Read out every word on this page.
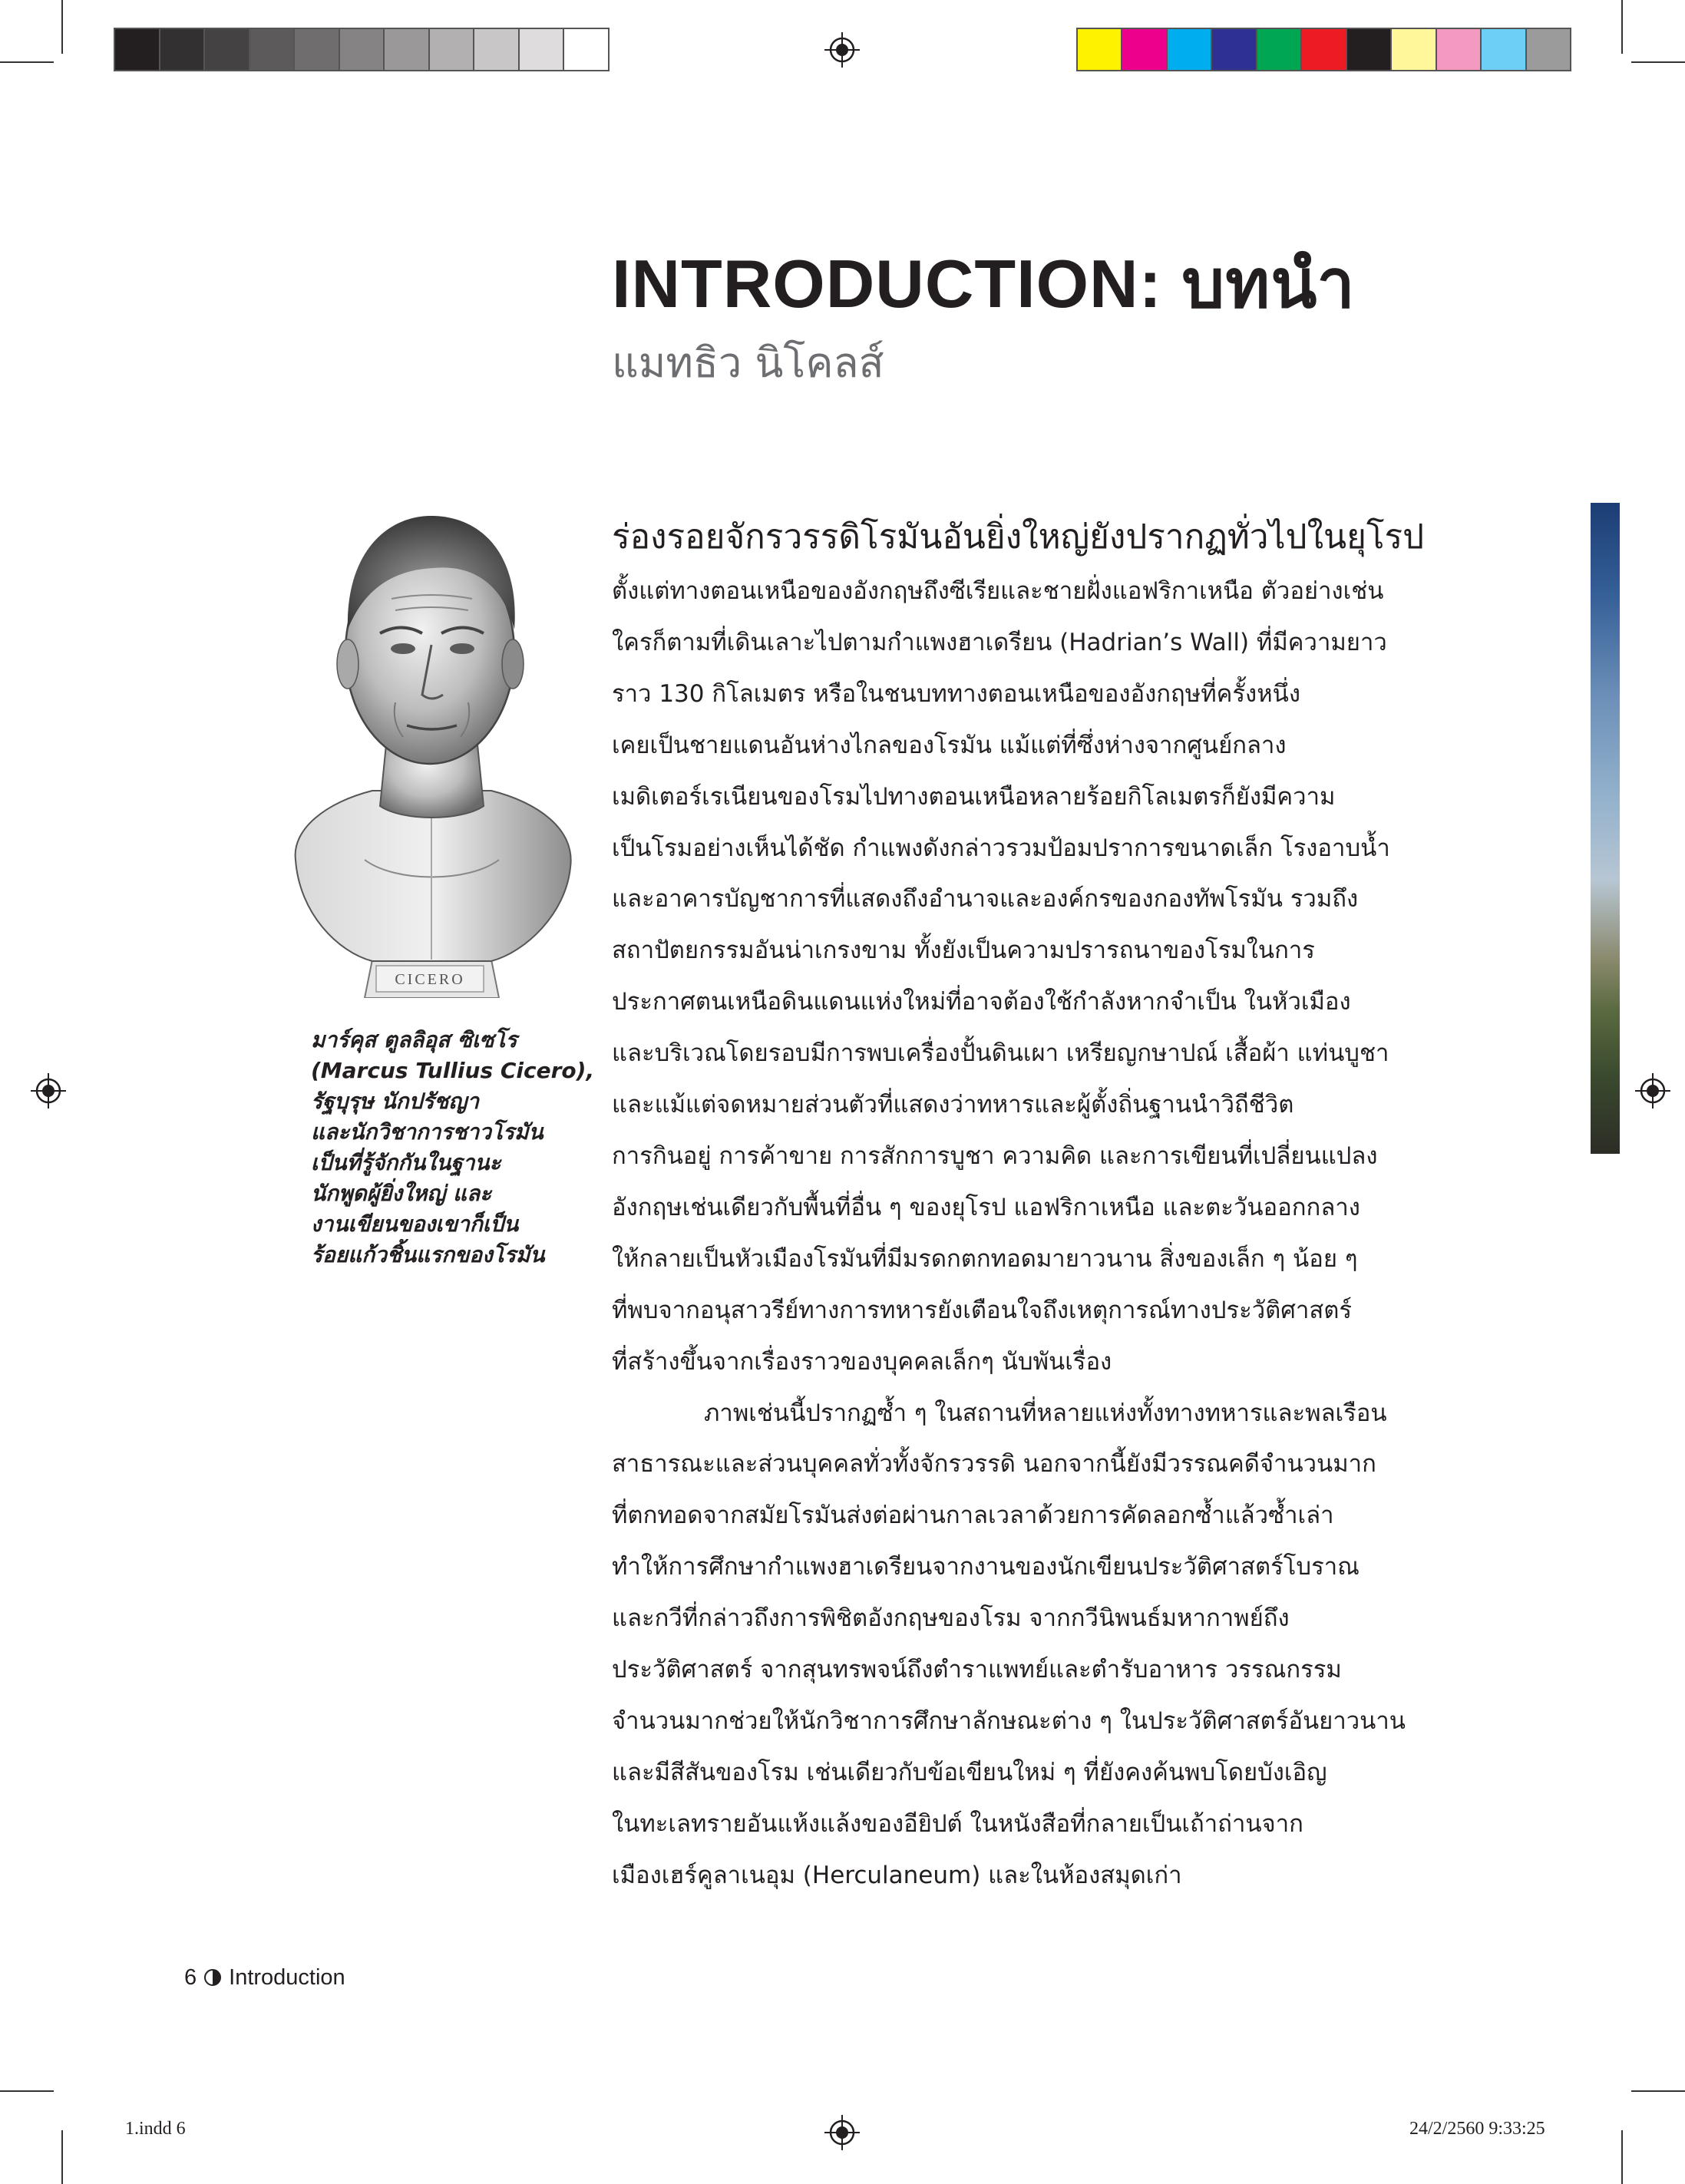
INTRODUCTION: บทนำ
แมทธิว นิโคลส์
CICERO
มาร์คุส ตูลลิอุส ซิเซโร
(Marcus Tullius Cicero),
รัฐบุรุษ นักปรัชญา
และนักวิชาการชาวโรมัน
เป็นที่รู้จักกันในฐานะ
นักพูดผู้ยิ่งใหญ่ และ
งานเขียนของเขาก็เป็น
ร้อยแก้วชิ้นแรกของโรมัน
ร่องรอยจักรวรรดิโรมันอันยิ่งใหญ่ยังปรากฏทั่วไปในยุโรป
ตั้งแต่ทางตอนเหนือของอังกฤษถึงซีเรียและชายฝั่งแอฟริกาเหนือ ตัวอย่างเช่น
ใครก็ตามที่เดินเลาะไปตามกำแพงฮาเดรียน (Hadrian’s Wall) ที่มีความยาว
ราว 130 กิโลเมตร หรือในชนบททางตอนเหนือของอังกฤษที่ครั้งหนึ่ง
เคยเป็นชายแดนอันห่างไกลของโรมัน แม้แต่ที่ซึ่งห่างจากศูนย์กลาง
เมดิเตอร์เรเนียนของโรมไปทางตอนเหนือหลายร้อยกิโลเมตรก็ยังมีความ
เป็นโรมอย่างเห็นได้ชัด กำแพงดังกล่าวรวมป้อมปราการขนาดเล็ก โรงอาบน้ำ
และอาคารบัญชาการที่แสดงถึงอำนาจและองค์กรของกองทัพโรมัน รวมถึง
สถาปัตยกรรมอันน่าเกรงขาม ทั้งยังเป็นความปรารถนาของโรมในการ
ประกาศตนเหนือดินแดนแห่งใหม่ที่อาจต้องใช้กำลังหากจำเป็น ในหัวเมือง
และบริเวณโดยรอบมีการพบเครื่องปั้นดินเผา เหรียญกษาปณ์ เสื้อผ้า แท่นบูชา
และแม้แต่จดหมายส่วนตัวที่แสดงว่าทหารและผู้ตั้งถิ่นฐานนำวิถีชีวิต
การกินอยู่ การค้าขาย การสักการบูชา ความคิด และการเขียนที่เปลี่ยนแปลง
อังกฤษเช่นเดียวกับพื้นที่อื่น ๆ ของยุโรป แอฟริกาเหนือ และตะวันออกกลาง
ให้กลายเป็นหัวเมืองโรมันที่มีมรดกตกทอดมายาวนาน สิ่งของเล็ก ๆ น้อย ๆ
ที่พบจากอนุสาวรีย์ทางการทหารยังเตือนใจถึงเหตุการณ์ทางประวัติศาสตร์
ที่สร้างขึ้นจากเรื่องราวของบุคคลเล็กๆ นับพันเรื่อง
ภาพเช่นนี้ปรากฏซ้ำ ๆ ในสถานที่หลายแห่งทั้งทางทหารและพลเรือน
สาธารณะและส่วนบุคคลทั่วทั้งจักรวรรดิ นอกจากนี้ยังมีวรรณคดีจำนวนมาก
ที่ตกทอดจากสมัยโรมันส่งต่อผ่านกาลเวลาด้วยการคัดลอกซ้ำแล้วซ้ำเล่า
ทำให้การศึกษากำแพงฮาเดรียนจากงานของนักเขียนประวัติศาสตร์โบราณ
และกวีที่กล่าวถึงการพิชิตอังกฤษของโรม จากกวีนิพนธ์มหากาพย์ถึง
ประวัติศาสตร์ จากสุนทรพจน์ถึงตำราแพทย์และตำรับอาหาร วรรณกรรม
จำนวนมากช่วยให้นักวิชาการศึกษาลักษณะต่าง ๆ ในประวัติศาสตร์อันยาวนาน
และมีสีสันของโรม เช่นเดียวกับข้อเขียนใหม่ ๆ ที่ยังคงค้นพบโดยบังเอิญ
ในทะเลทรายอันแห้งแล้งของอียิปต์ ในหนังสือที่กลายเป็นเถ้าถ่านจาก
เมืองเฮร์คูลาเนอุม (Herculaneum) และในห้องสมุดเก่า
6 Introduction
1.indd 6	24/2/2560 9:33:25
